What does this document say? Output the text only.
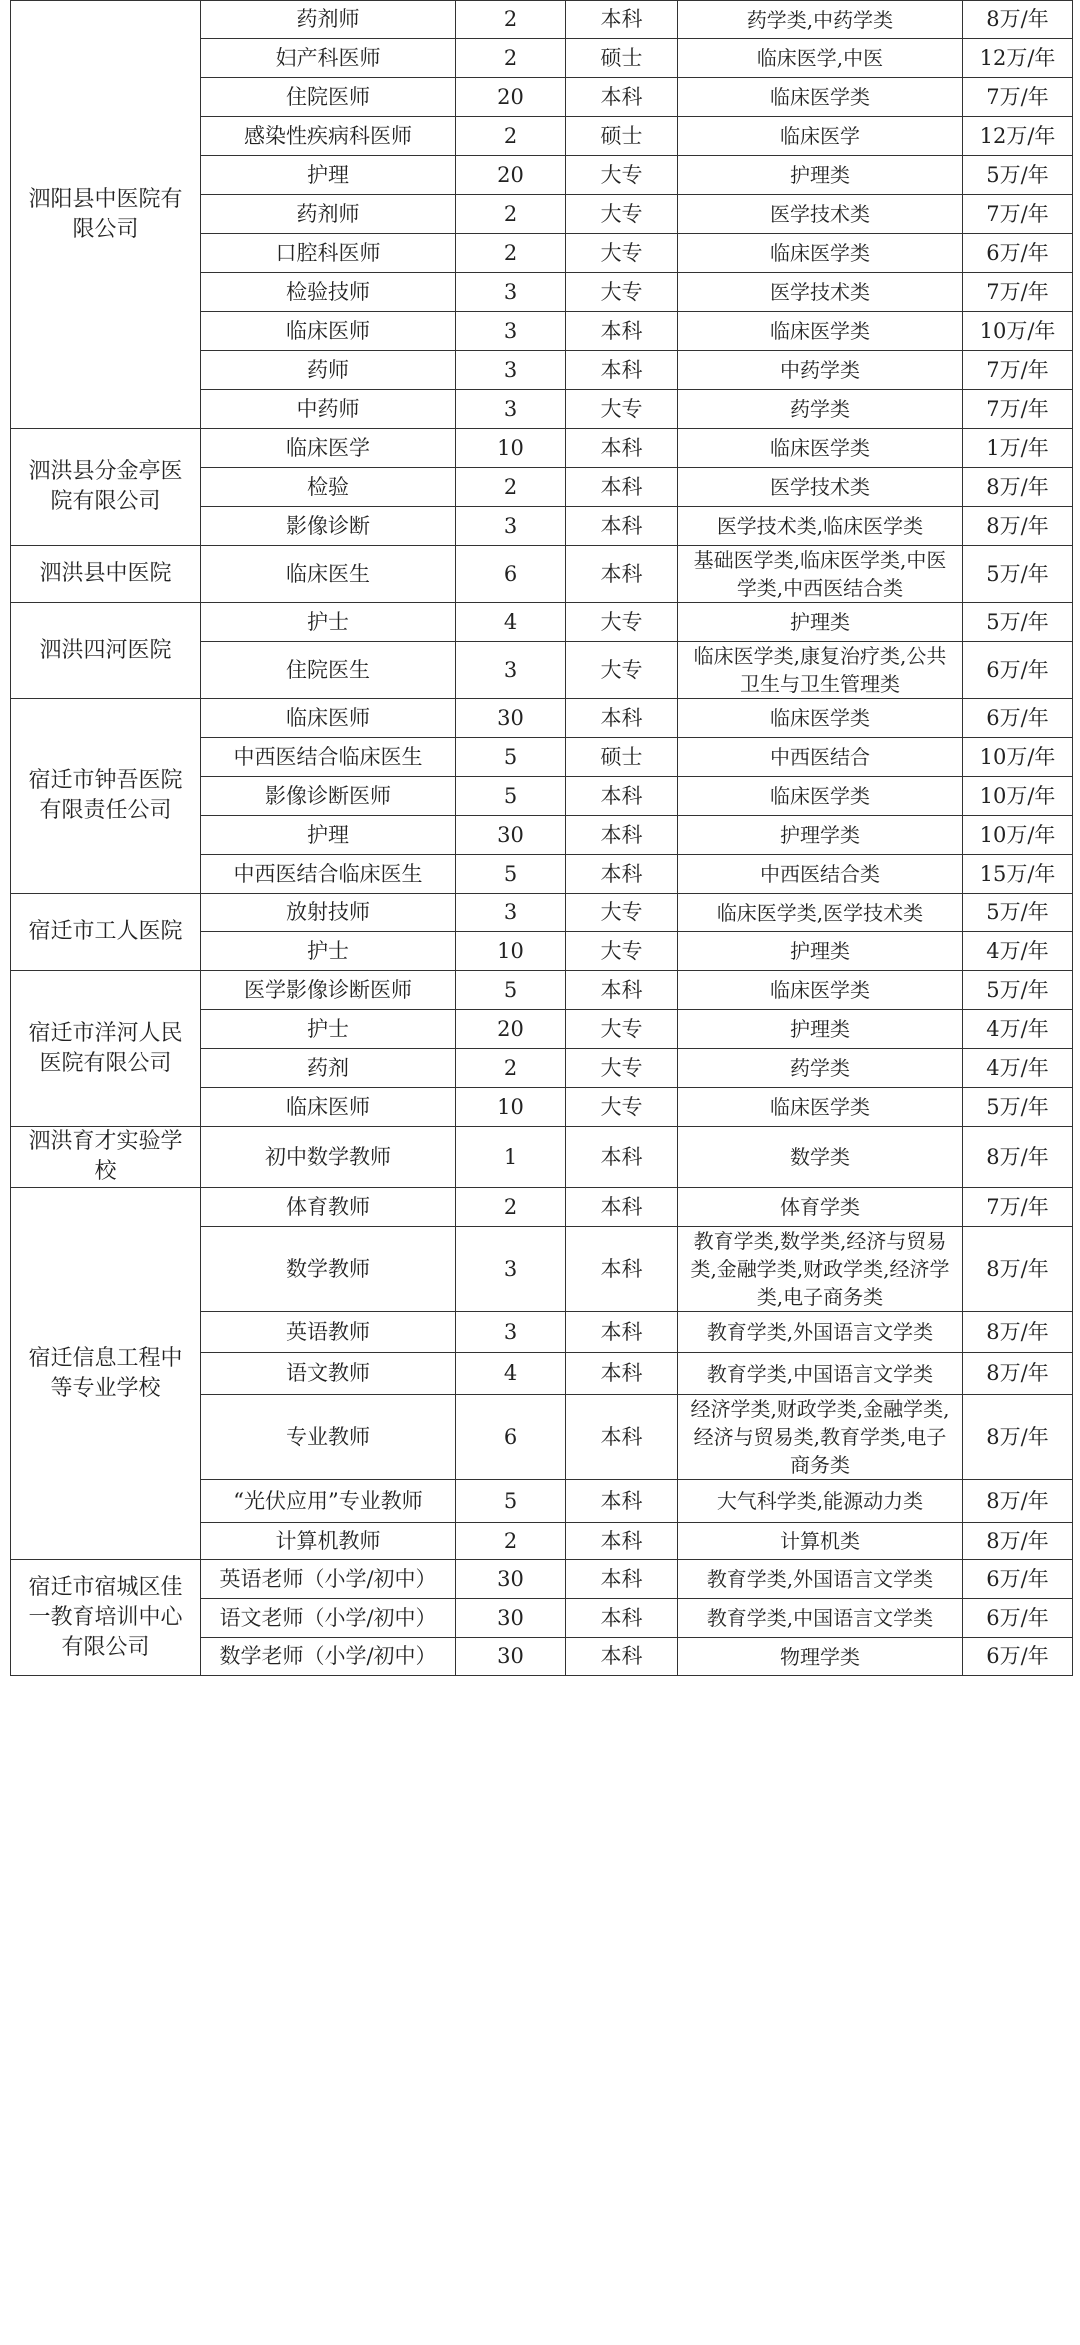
泗阳县中医院有限公司	药剂师	2	本科	药学类,中药学类	8万/年
	妇产科医师	2	硕士	临床医学,中医	12万/年
	住院医师	20	本科	临床医学类	7万/年
	感染性疾病科医师	2	硕士	临床医学	12万/年
	护理	20	大专	护理类	5万/年
	药剂师	2	大专	医学技术类	7万/年
	口腔科医师	2	大专	临床医学类	6万/年
	检验技师	3	大专	医学技术类	7万/年
	临床医师	3	本科	临床医学类	10万/年
	药师	3	本科	中药学类	7万/年
	中药师	3	大专	药学类	7万/年
泗洪县分金亭医院有限公司	临床医学	10	本科	临床医学类	1万/年
	检验	2	本科	医学技术类	8万/年
	影像诊断	3	本科	医学技术类,临床医学类	8万/年
泗洪县中医院	临床医生	6	本科	基础医学类,临床医学类,中医学类,中西医结合类	5万/年
泗洪四河医院	护士	4	大专	护理类	5万/年
	住院医生	3	大专	临床医学类,康复治疗类,公共卫生与卫生管理类	6万/年
宿迁市钟吾医院有限责任公司	临床医师	30	本科	临床医学类	6万/年
	中西医结合临床医生	5	硕士	中西医结合	10万/年
	影像诊断医师	5	本科	临床医学类	10万/年
	护理	30	本科	护理学类	10万/年
	中西医结合临床医生	5	本科	中西医结合类	15万/年
宿迁市工人医院	放射技师	3	大专	临床医学类,医学技术类	5万/年
	护士	10	大专	护理类	4万/年
宿迁市洋河人民医院有限公司	医学影像诊断医师	5	本科	临床医学类	5万/年
	护士	20	大专	护理类	4万/年
	药剂	2	大专	药学类	4万/年
	临床医师	10	大专	临床医学类	5万/年
泗洪育才实验学校	初中数学教师	1	本科	数学类	8万/年
宿迁信息工程中等专业学校	体育教师	2	本科	体育学类	7万/年
	数学教师	3	本科	教育学类,数学类,经济与贸易类,金融学类,财政学类,经济学类,电子商务类	8万/年
	英语教师	3	本科	教育学类,外国语言文学类	8万/年
	语文教师	4	本科	教育学类,中国语言文学类	8万/年
	专业教师	6	本科	经济学类,财政学类,金融学类,经济与贸易类,教育学类,电子商务类	8万/年
	“光伏应用”专业教师	5	本科	大气科学类,能源动力类	8万/年
	计算机教师	2	本科	计算机类	8万/年
宿迁市宿城区佳一教育培训中心有限公司	英语老师（小学/初中）	30	本科	教育学类,外国语言文学类	6万/年
	语文老师（小学/初中）	30	本科	教育学类,中国语言文学类	6万/年
	数学老师（小学/初中）	30	本科	物理学类	6万/年
